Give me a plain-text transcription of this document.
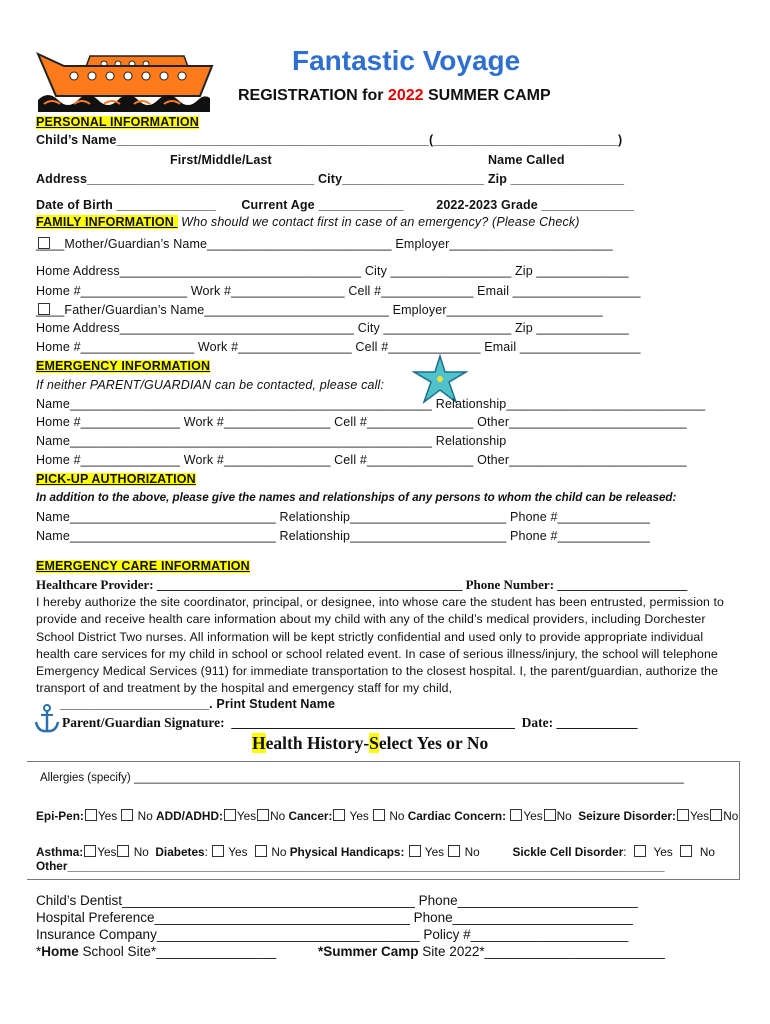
Fantastic Voyage
REGISTRATION for 2022 SUMMER CAMP
PERSONAL INFORMATION
Child’s Name____________________________________________(__________________________)
First/Middle/Last	Name Called
Address________________________________ City____________________ Zip ________________
Date of Birth ______________       Current Age ____________         2022-2023 Grade _____________
FAMILY INFORMATION  Who should we contact first in case of an emergency? (Please Check)
____Mother/Guardian’s Name__________________________ Employer_______________________
Home Address__________________________________ City _________________ Zip _____________
Home #_______________ Work #________________ Cell #_____________ Email __________________
____Father/Guardian’s Name__________________________ Employer______________________
Home Address_________________________________ City __________________ Zip _____________
Home #________________ Work #________________ Cell #_____________ Email _________________
EMERGENCY INFORMATION
If neither PARENT/GUARDIAN can be contacted, please call:
Name___________________________________________________ Relationship____________________________
Home #______________ Work #_______________ Cell #_______________ Other_________________________
Name___________________________________________________ Relationship
Home #______________ Work #_______________ Cell #_______________ Other_________________________
PICK-UP AUTHORIZATION
In addition to the above, please give the names and relationships of any persons to whom the child can be released:
Name_____________________________ Relationship______________________ Phone #_____________
Name_____________________________ Relationship______________________ Phone #_____________
EMERGENCY CARE INFORMATION
Healthcare Provider: _______________________________________________ Phone Number: ____________________
I hereby authorize the site coordinator, principal, or designee, into whose care the student has been entrusted, permission to provide and receive health care information about my child with any of the child’s medical providers, including Dorchester School District Two nurses. All information will be kept strictly confidential and used only to provide appropriate individual health care services for my child in school or school related event. In case of serious illness/injury, the school will telephone Emergency Medical Services (911) for immediate transportation to the closest hospital. I, the parent/guardian, authorize the transport of and treatment by the hospital and emergency staff for my child,
_____________________. Print Student Name
Parent/Guardian Signature:  __________________________________________  Date: ____________
Health History-Select Yes or No
Allergies (specify) ______________________________________________________________________________________
Epi-Pen: Yes No ADD/ADHD: Yes No Cancer: Yes No Cardiac Concern: Yes No Seizure Disorder: Yes No
Asthma: Yes No Diabetes:  Yes No Physical Handicaps: Yes No	Sickle Cell Disorder:    Yes No
Other___________________________________________________________________________________________
Child’s Dentist_______________________________________ Phone________________________
Hospital Preference__________________________________ Phone________________________
Insurance Company___________________________________ Policy #_____________________
*Home School Site*________________	*Summer Camp Site 2022*________________________
